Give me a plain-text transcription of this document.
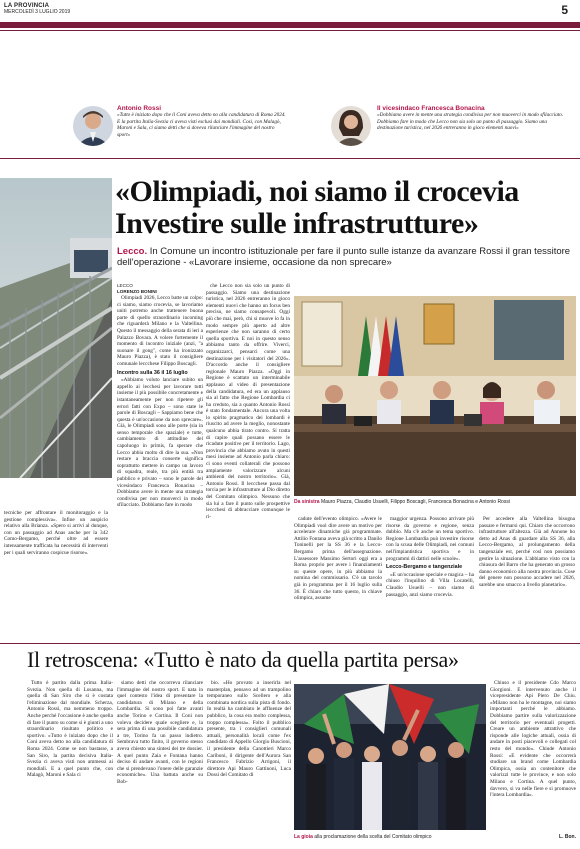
LA PROVINCIA
MERCOLEDÌ 3 LUGLIO 2019	5
Antonio Rossi
«Tutto è iniziato dopo che il Coni aveva detto no alla candidatura di Roma 2024. E la partita Italia-Svezia ci aveva visti esclusi dai mondiali. Così, con Malagò, Maroni e Sala, ci siamo detti che si doveva rilanciare l'immagine del nostro sport»
Il vicesindaco Francesca Bonacina
«Dobbiamo avere in mente una strategia condivisa per non muoverci in modo sfilacciato. Dobbiamo fare in modo che Lecco non sia solo un punto di passaggio. Siamo una destinazione turistica, nel 2026 entreranno in gioco elementi nuovi»
tecniche per affrontare il monitoraggio e la gestione complessiva». Infine un auspicio relativo alla Brianza. «Spero si arrivi al dunque, con un passaggio ad Anas anche per la 342 Como-Bergamo, perché oltre ad essere intensamente trafficata ha necessità di interventi per i quali serviranno cospicue risorse».
«Olimpiadi, noi siamo il crocevia
Investire sulle infrastrutture»
Lecco. In Comune un incontro istituzionale per fare il punto sulle istanze da avanzare Rossi il gran tessitore dell'operazione - «Lavorare insieme, occasione da non sprecare»
LECCO
LORENZO BONINI

Olimpiadi 2026, Lecco batte un colpo: ci siamo, siamo crocevia, se lavoriamo uniti potremo anche trattenere buona parte di quello straordinario incoming che riguarderà Milano e la Valtellina. Questo il messaggio della serata di ieri a Palazzo Bovara. A volere fortemente il momento di incontro iniziale (anzi, "a suonare il gong", come ha ironizzato Mauro Piazza), è stato il consigliere comunale leccchese Filippo Boscagli.

Incontro sulla 36 il 16 luglio

«Abbiamo voluto lanciare subito un appello ai lecchesi per lavorare tutti insieme il più possibile concretamente e istantaneamente per non ripetere gli errori fatti con Expo – sono state le parole di Boscagli – Sappiamo bene che questa è un'occasione da non sprecare». Già, le Olimpiadi sono alle porte (sia in senso temporale che spaziale) e tutte, cambiamento di attitudine del capoluogo in primis, fa sperare che Lecco abbia molto di dire la sua. «Non restare a braccia conserte significa soprattutto mettere in campo un lavoro di squadra, reale, tra più entità tra pubblico e privato – sono le parole del vicesindaco Francesca Bonacina – Dobbiamo avere in mente una strategia condivisa per non muoverci in modo sfilacciato. Dobbiamo fare in modo

che Lecco non sia solo un punto di passaggio. Siamo una destinazione turistica, nel 2026 entreranno in gioco elementi nuovi che hanno un focus ben preciso, ne siamo consapevoli. Oggi più che mai, però, chi si muove lo fa in modo sempre più aperto ad altre esperienze che non saranno di certo quella sportiva. E noi in questo senso abbiamo tanto da offrire. Viverci, organizzarci, pensarci come una destinazione per i visitatori del 2026». D'accordo anche il consigliere regionale Mauro Piazza. «Oggi in Regione è scattato un interminabile applauso al video di presentazione della candidatura, ed era un applauso sia al fatto che Regione Lombardia ci ha creduto, sia a quanto Antonio Rossi è stato fondamentale. Ancora una volta lo spirito pragmatico dei lombardi è riuscito ad avere la meglio, nonostante qualcuno abbia tirato contro. Si tratta di capire quali possano essere le ricadute positive per il territorio. Lago, provincia che abbiamo avuto in questi mesi insieme ad Antonio parla chiaro: ci sono eventi collaterali che possono ampiamente valorizzare alcuni ambienti del nostro territorio». Già, Antonio Rossi. Il leccchese passa dal torcia per le infrastrutture al Dio diretto del Comitato olimpico. Nessuno che sia lui a fare il punto sulle prospettive leccchesi di abbracciare comunque le ri-

Da sinistra Mauro Piazza, Claudio Usuelli, Filippo Boscagli, Francesca Bonacina e Antonio Rossi

cadute dell'evento olimpico. «Avere le Olimpiadi vuol dire avere un motivo per accelerare dinamiche già programmate. Attilio Fontana aveva già scritto a Danilo Toninelli per la SS 36 e la Lecco-Bergamo prima dell'assegnazione. L'assessore Massimo Sertori oggi era a Roma proprio per avere i finanziamenti su queste opere, in più abbiamo la nomina del commissario. C'è un tavolo già in programma per il 16 luglio sulla 36. È chiaro che tutto questo, in chiave olimpica, assume

maggior urgenza. Possono arrivare più risorse da governo e regione, senza dubbio. Ma c'è anche un tema sportivo. Regione Lombardia può investire risorse con la scusa delle Olimpiadi, nei comuni nell'impiantistica sportiva e in programmi di dattici nelle scuole».

Lecco-Bergamo e tangenziale

«E un'occasione speciale e magica – ha chiuso l'inquilino di Villa Locatelli, Claudio Usuelli – non siamo di passaggio, anzi siamo crocevia.

Per accedere alla Valtellina bisogna passare e fermarsi qui. Chiaro che occorrono infrastrutture all'altezza. Già ad Annone ho detto ad Anas di guardare alla SS 36, alla Lecco-Bergamo, al prolungamento della tangenziale est, perché così non possiamo gestire la situazione. L'abbiamo visto con la chiusura del Barro che ha generato un grosso danno economico alla nostra provincia. Cose del genere non possono accadere nel 2026, sarebbe uno smacco a livello planetario».

Il retroscena: «Tutto è nato da quella partita persa»

Tutto è partito dalla prima Italia-Svezia. Non quella di Losanna, ma quella di San Siro che si è costata l'eliminazione dal mondiale. Scherza, Antonio Rossi, ma nemmeno troppo. Anche perché l'occasione è anche quella di fare il punto su come si è giunti a uno straordinario risultato politico e sportivo. «Tutto è iniziato dopo che il Coni aveva detto no alla candidatura di Roma 2024. Come se non bastasse, a San Siro, la partita decisiva Italia-Svezia ci aveva visti non ammessi ai mondiali. E a quel punto che, con Malagò, Maroni e Sala ci

siamo detti che occorreva rilanciare l'immagine del nostro sport. E nata in quel contesto l'idea di presentare la candidatura di Milano e della Lombardia. Si sono poi fatte avanti anche Torino e Cortina. Il Coni non voleva decidere quale scegliere e, la sera prima di una possibile candidatura a tre, Torino fa un passo indietro. Sembrava tutto finito, il governo stesso aveva chiesto una sintesi dei tre dossier. A quel punto Zaia e Fontana hanno deciso di andare avanti, con le regioni che si prendevano l'onere delle garanzie economiche». Una battuta anche su Bob-

bio. «Ho provato a inserirla nel masterplan, pensavo ad un trampolino temporaneo sullo Scellero e alla combinata nordica sulla pista di fondo. In realtà ha cambiato le affluenze del pubblico, la cosa era molto complessa, troppo complessa». Folto il pubblico presente, tra i consiglieri comunali attuali, personalità locali come l'ex candidato di Appello Giorgio Buscioni, il presidente della Canottieri Marco Cariboni, il dirigente dell'Aurora San Francesco Fabrizio Arrigoni, il direttore Api Mauro Gattinoni, Luca Dossi del Comitato di

La gioia alla proclamazione della scelta del Comitato olimpico	L. Bon.

Chiuso e il presidente Cdo Marco Giorgioni. E intervenuto anche il vicepresidente Api Piero De Chiu. «Milano non ha le montagne, noi siamo importanti perché le abbiamo. Dobbiamo partire sulla valorizzazione del territorio per eventuali progetti. Creare un ambiente attrattivo che risponde alle logiche attuali, ossia di andare in posti piacevoli e collegati col resto del mondo». Chiude Antonio Rossi: «E evidente che occorrerà studiare un brand come Lombardia Olimpica, ossia un contenitore che valorizzi tutte le province, e non solo Milano e Cortina. A quel punto, davvero, si va nelle fiere e si promuove l'intera Lombardia».
